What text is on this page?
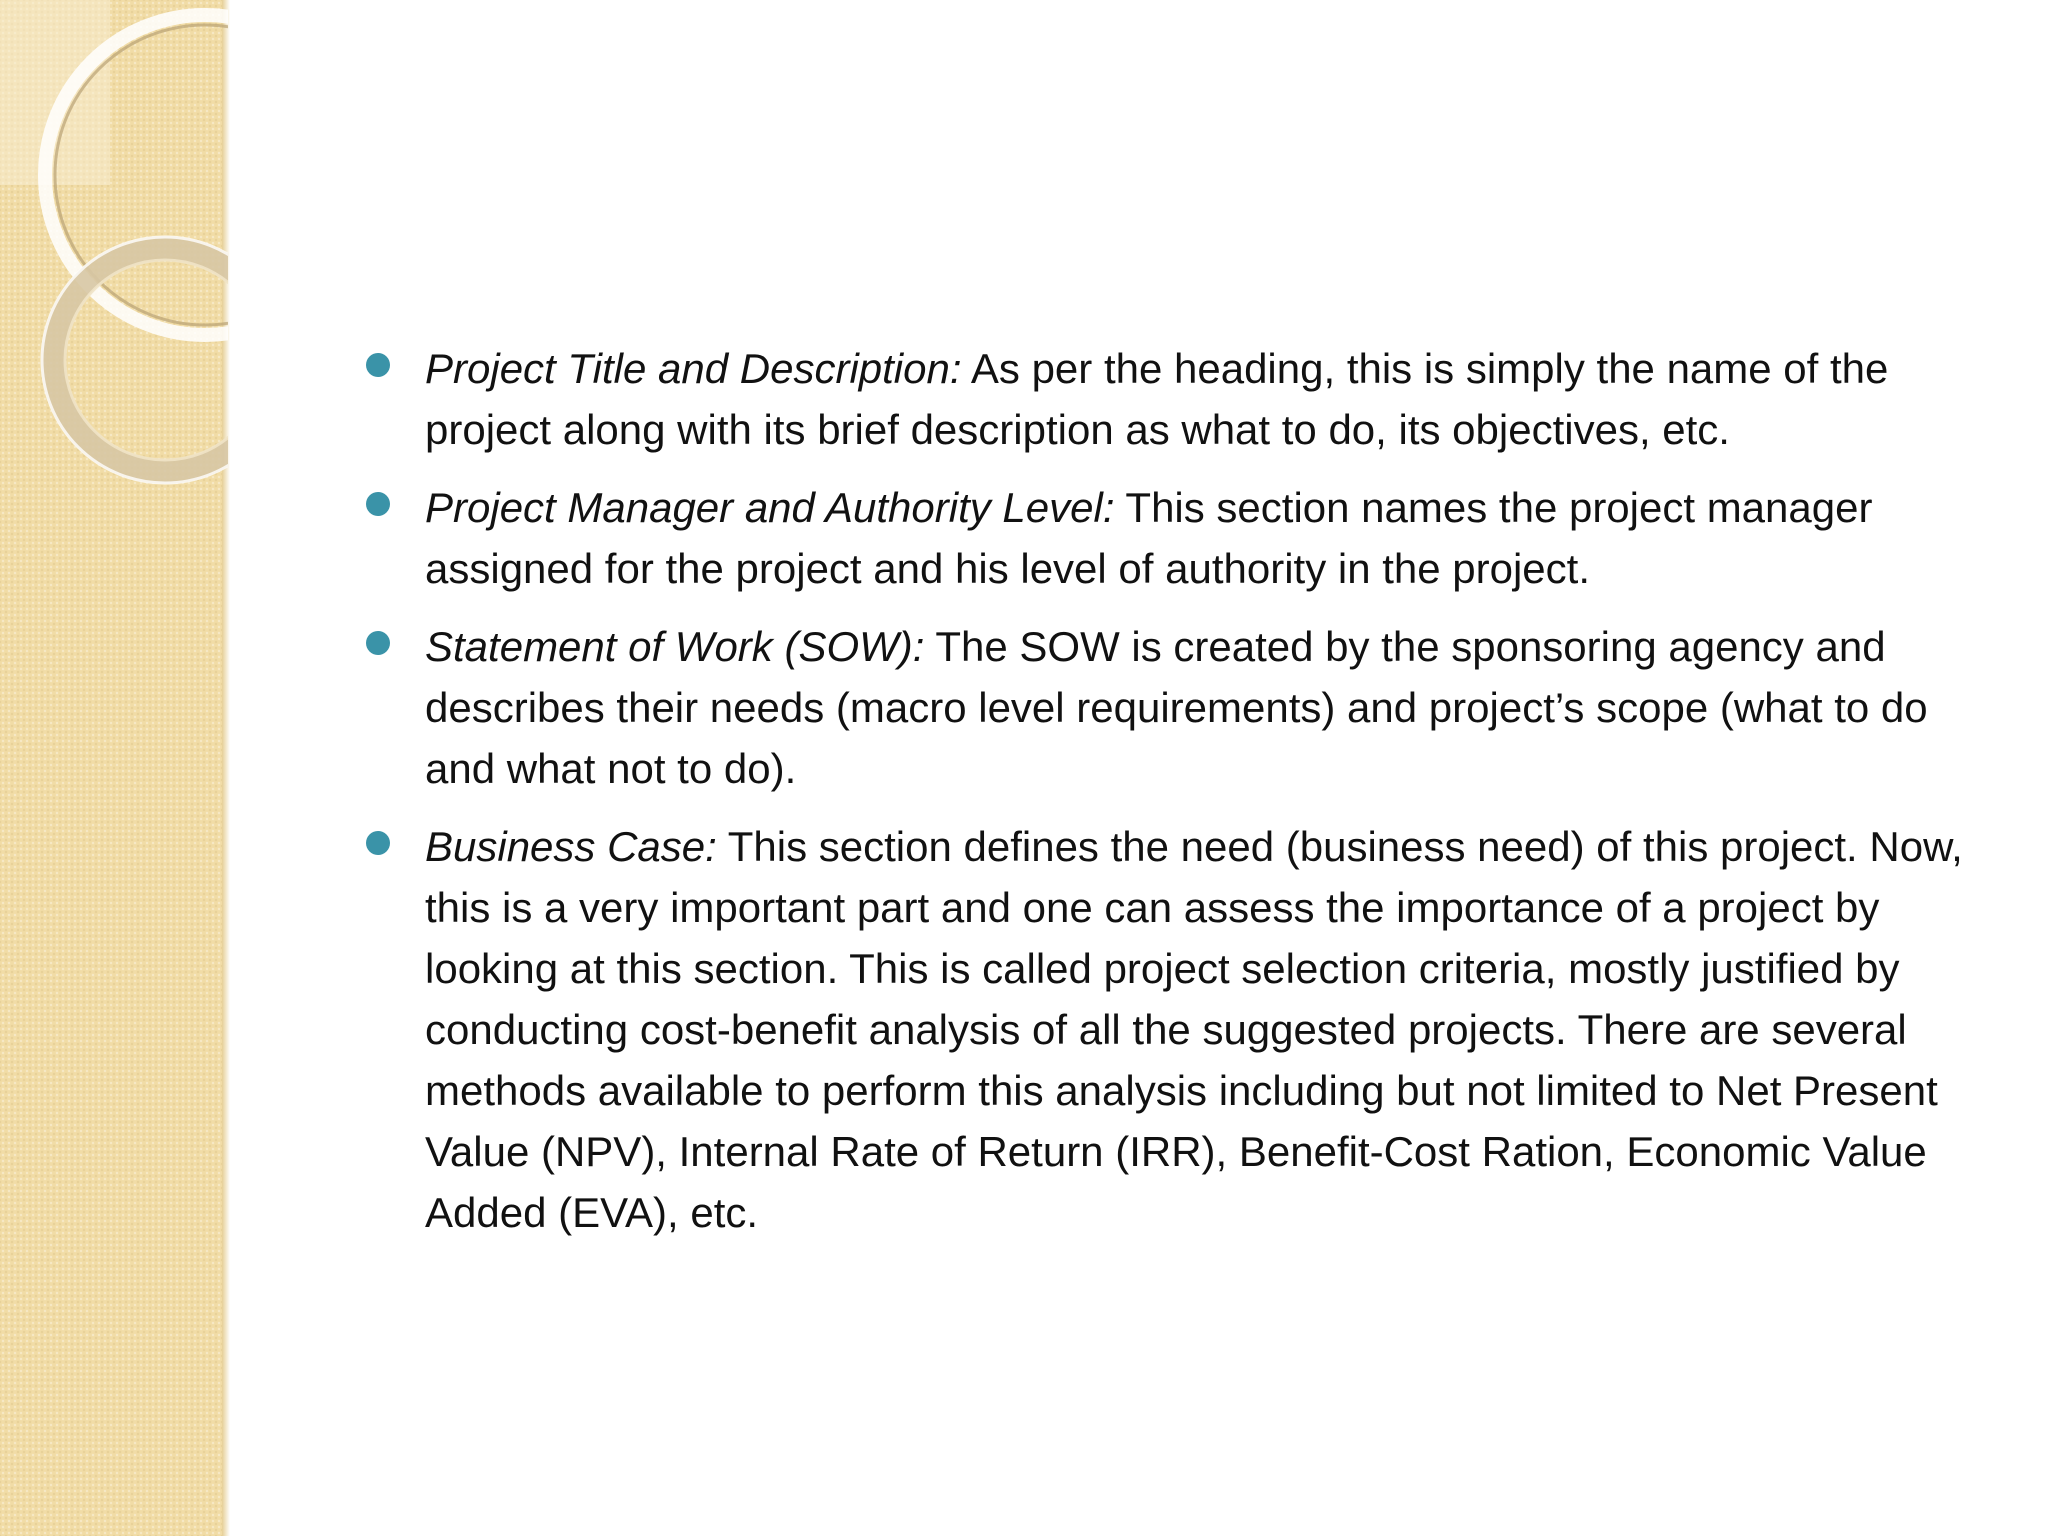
Project Title and Description: As per the heading, this is simply the name of the project along with its brief description as what to do, its objectives, etc.
Project Manager and Authority Level: This section names the project manager assigned for the project and his level of authority in the project.
Statement of Work (SOW): The SOW is created by the sponsoring agency and describes their needs (macro level requirements) and project’s scope (what to do and what not to do).
Business Case: This section defines the need (business need) of this project. Now, this is a very important part and one can assess the importance of a project by looking at this section. This is called project selection criteria, mostly justified by conducting cost-benefit analysis of all the suggested projects. There are several methods available to perform this analysis including but not limited to Net Present Value (NPV), Internal Rate of Return (IRR), Benefit-Cost Ration, Economic Value Added (EVA), etc.
